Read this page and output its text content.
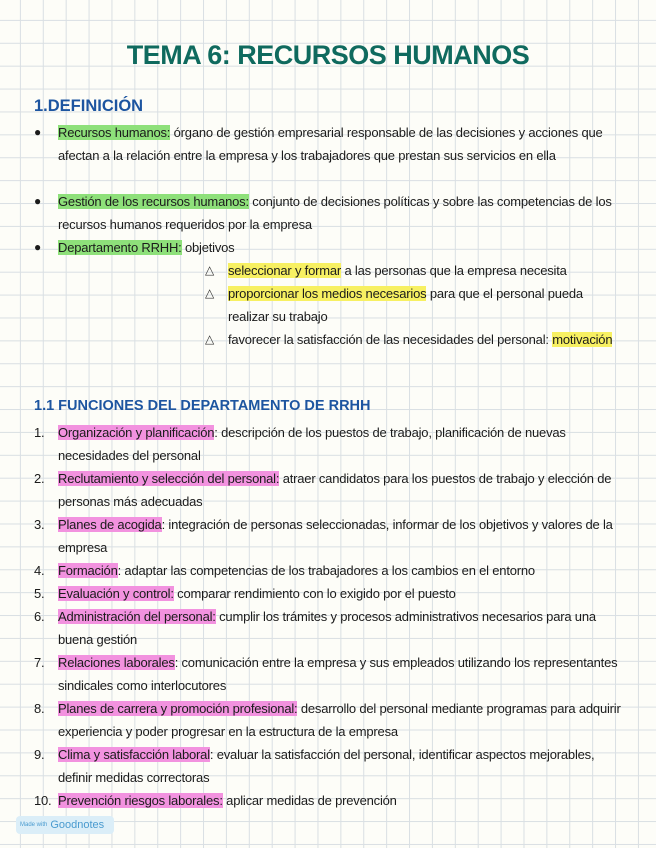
TEMA 6: RECURSOS HUMANOS
1.DEFINICIÓN
●	Recursos humanos: órgano de gestión empresarial responsable de las decisiones y acciones que afectan a la relación entre la empresa y los trabajadores que prestan sus servicios en ella
●	Gestión de los recursos humanos: conjunto de decisiones políticas y sobre las competencias de los recursos humanos requeridos por la empresa
●	Departamento RRHH: objetivos
△ seleccionar y formar a las personas que la empresa necesita
△ proporcionar los medios necesarios para que el personal pueda realizar su trabajo
△ favorecer la satisfacción de las necesidades del personal: motivación
1.1 FUNCIONES DEL DEPARTAMENTO DE RRHH
1. Organización y planificación: descripción de los puestos de trabajo, planificación de nuevas necesidades del personal
2. Reclutamiento y selección del personal: atraer candidatos para los puestos de trabajo y elección de personas más adecuadas
3. Planes de acogida: integración de personas seleccionadas, informar de los objetivos y valores de la empresa
4. Formación: adaptar las competencias de los trabajadores a los cambios en el entorno
5. Evaluación y control: comparar rendimiento con lo exigido por el puesto
6. Administración del personal: cumplir los trámites y procesos administrativos necesarios para una buena gestión
7. Relaciones laborales: comunicación entre la empresa y sus empleados utilizando los representantes sindicales como interlocutores
8. Planes de carrera y promoción profesional: desarrollo del personal mediante programas para adquirir experiencia y poder progresar en la estructura de la empresa
9. Clima y satisfacción laboral: evaluar la satisfacción del personal, identificar aspectos mejorables, definir medidas correctoras
10. Prevención riesgos laborales: aplicar medidas de prevención
Made with Goodnotes
